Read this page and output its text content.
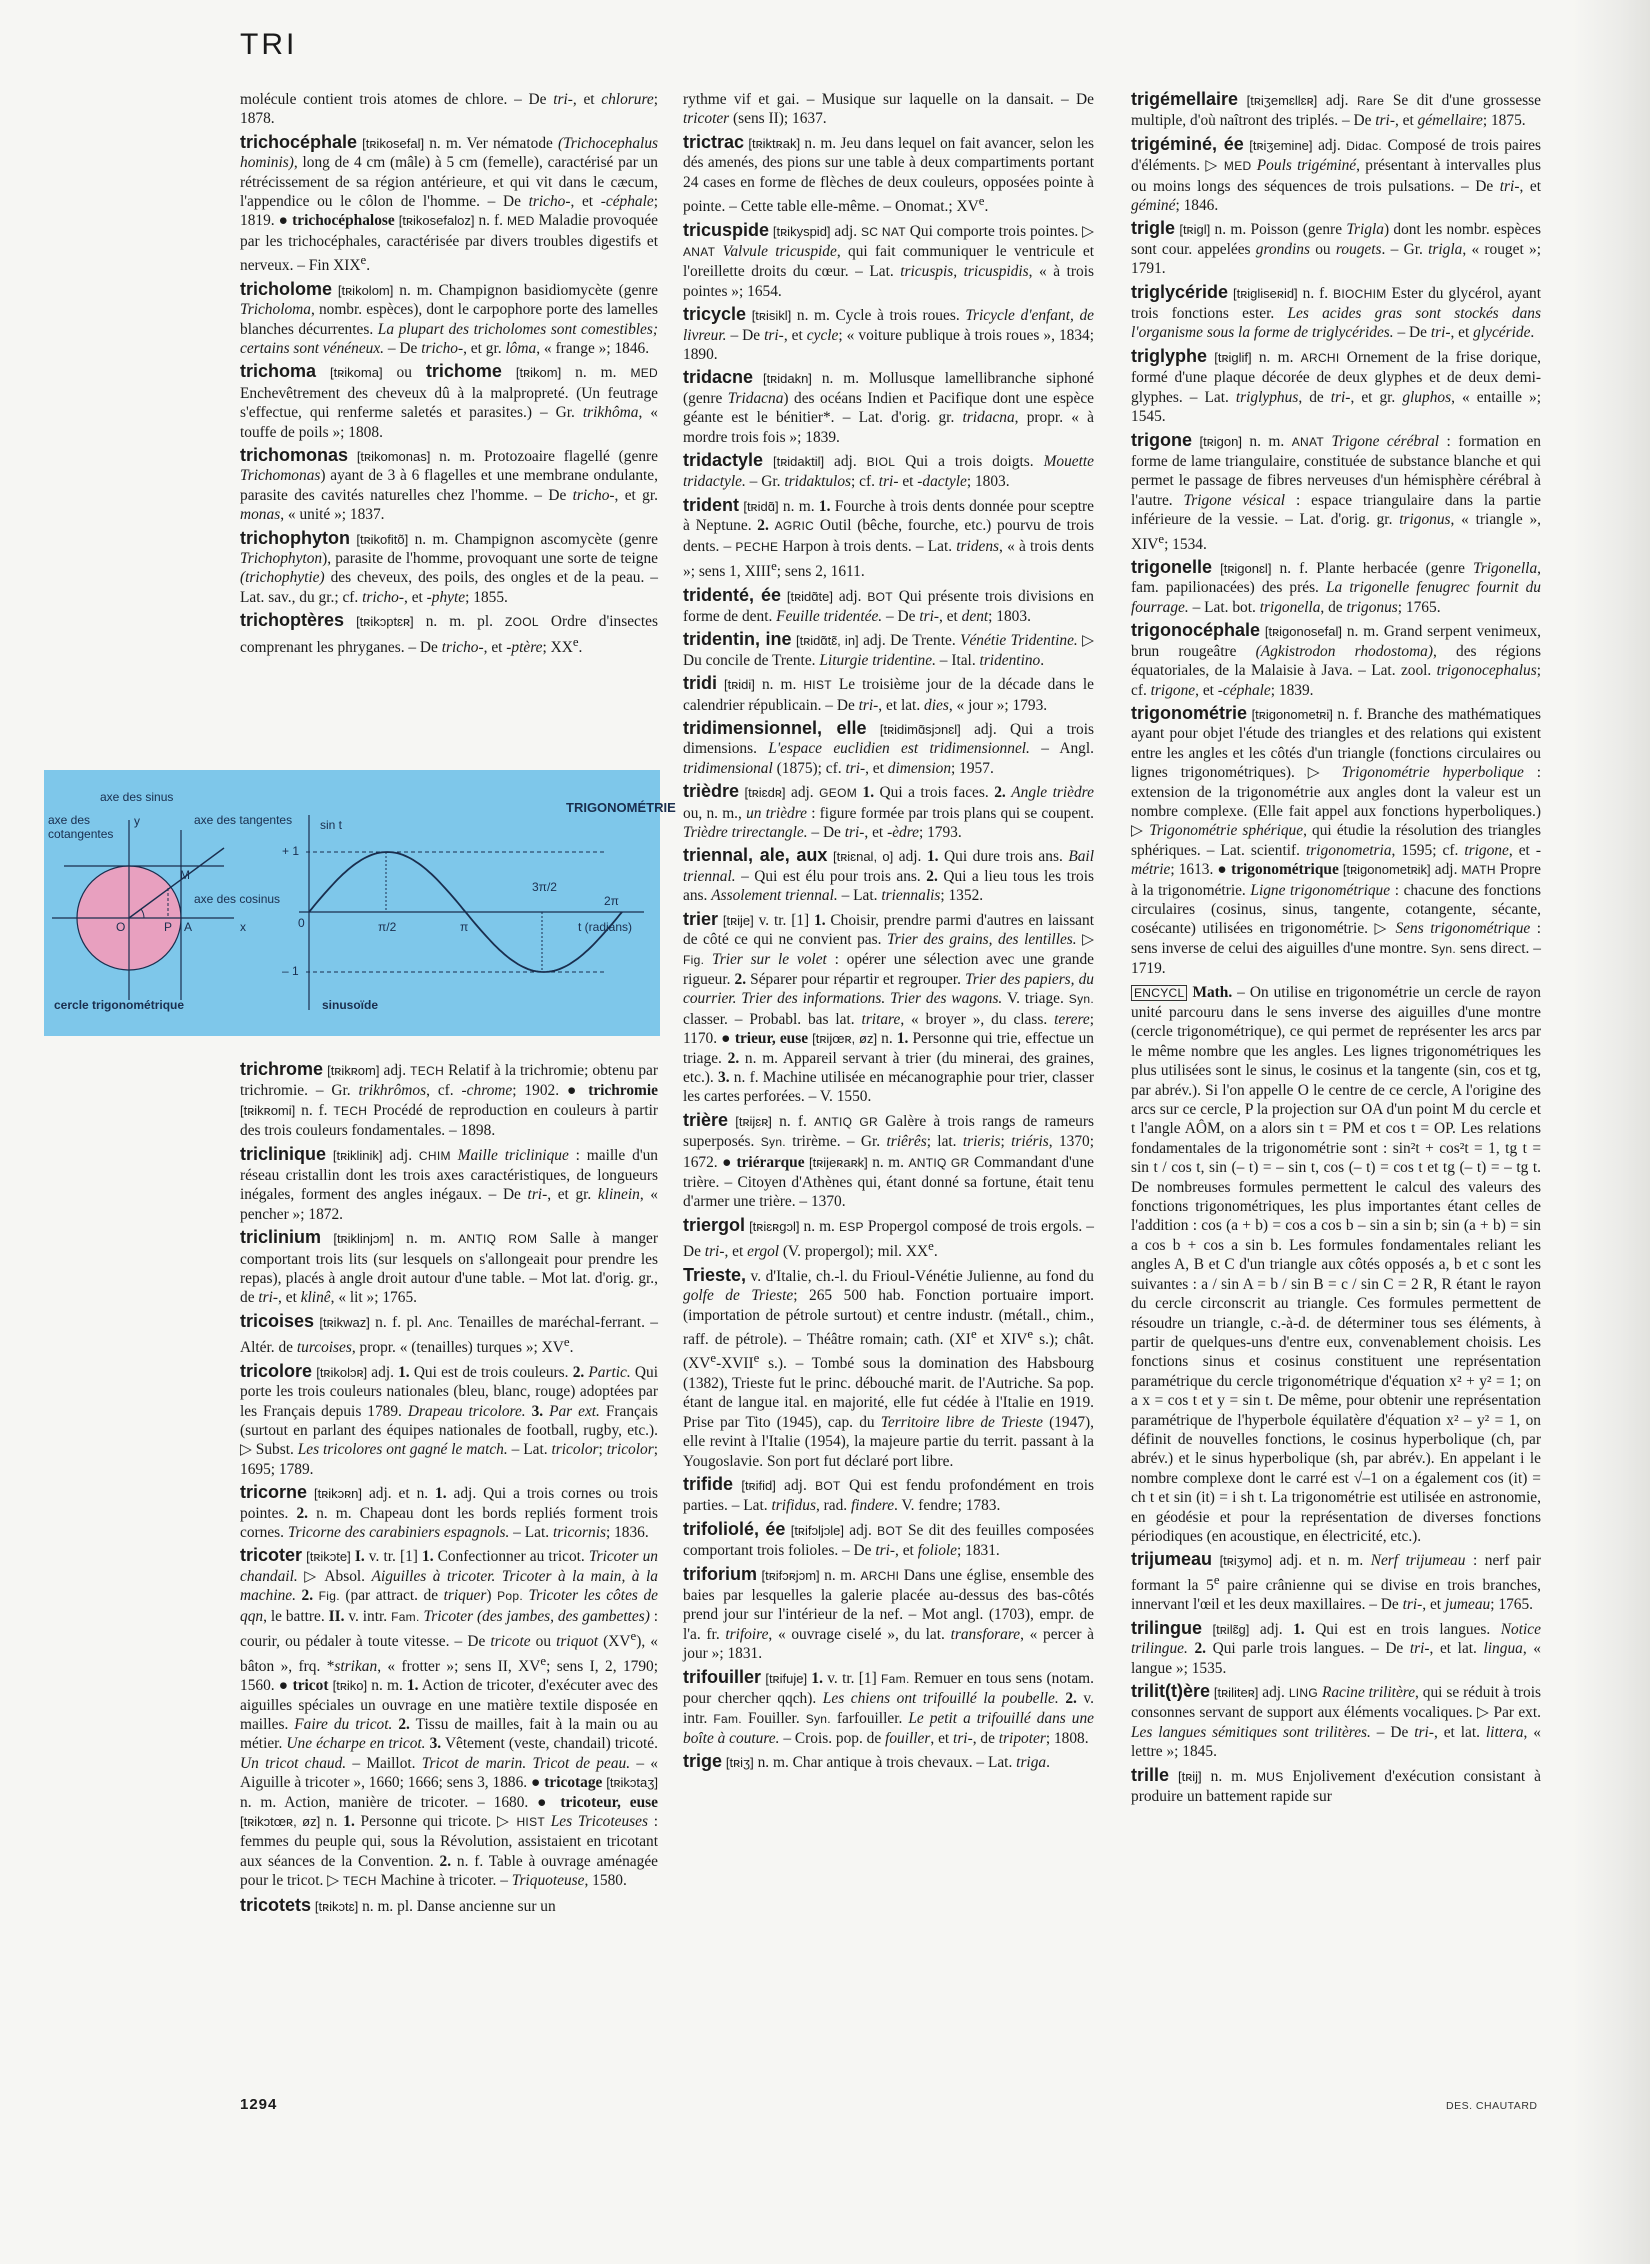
TRI

molécule contient trois atomes de chlore. – De tri-, et chlorure; 1878.

trichocéphale [tʀikosefal] n. m. Ver nématode (Trichocephalus hominis), long de 4 cm (mâle) à 5 cm (femelle), caractérisé par un rétrécissement de sa région antérieure, et qui vit dans le cæcum, l'appendice ou le côlon de l'homme. – De tricho-, et -céphale; 1819. ● trichocéphalose [tʀikosefaloz] n. f. MED Maladie provoquée par les trichocéphales, caractérisée par divers troubles digestifs et nerveux. – Fin XIXe.

tricholome [tʀikolom] n. m. Champignon basidiomycète (genre Tricholoma, nombr. espèces), dont le carpophore porte des lamelles blanches décurrentes. La plupart des tricholomes sont comestibles; certains sont vénéneux. – De tricho-, et gr. lôma, « frange »; 1846.

trichoma [tʀikoma] ou trichome [tʀikom] n. m. MED Enchevêtrement des cheveux dû à la malpropreté. (Un feutrage s'effectue, qui renferme saletés et parasites.) – Gr. trikhôma, « touffe de poils »; 1808.

trichomonas [tʀikomonas] n. m. Protozoaire flagellé (genre Trichomonas) ayant de 3 à 6 flagelles et une membrane ondulante, parasite des cavités naturelles chez l'homme. – De tricho-, et gr. monas, « unité »; 1837.

trichophyton [tʀikofitõ] n. m. Champignon ascomycète (genre Trichophyton), parasite de l'homme, provoquant une sorte de teigne (trichophytie) des cheveux, des poils, des ongles et de la peau. – Lat. sav., du gr.; cf. tricho-, et -phyte; 1855.

trichoptères [tʀikɔptɛʀ] n. m. pl. ZOOL Ordre d'insectes comprenant les phryganes. – De tricho-, et -ptère; XXe.

TRIGONOMÉTRIE
axe des sinus
axe des cotangentes
axe des tangentes
axe des cosinus
cercle trigonométrique	sinusoïde
sin t
t (radians)
y
x
M
O	P A	0
+ 1
– 1
π/2	π
3π/2
2π

trichrome [tʀikʀom] adj. TECH Relatif à la trichromie; obtenu par trichromie. – Gr. trikhrômos, cf. -chrome; 1902. ● trichromie [tʀikʀomi] n. f. TECH Procédé de reproduction en couleurs à partir des trois couleurs fondamentales. – 1898.

triclinique [tʀiklinik] adj. CHIM Maille triclinique : maille d'un réseau cristallin dont les trois axes caractéristiques, de longueurs inégales, forment des angles inégaux. – De tri-, et gr. klinein, « pencher »; 1872.

triclinium [tʀiklinjɔm] n. m. ANTIQ ROM Salle à manger comportant trois lits (sur lesquels on s'allongeait pour prendre les repas), placés à angle droit autour d'une table. – Mot lat. d'orig. gr., de tri-, et klinê, « lit »; 1765.

tricoises [tʀikwaz] n. f. pl. Anc. Tenailles de maréchal-ferrant. – Altér. de turcoises, propr. « (tenailles) turques »; XVe.

tricolore [tʀikolɔʀ] adj. 1. Qui est de trois couleurs. 2. Partic. Qui porte les trois couleurs nationales (bleu, blanc, rouge) adoptées par les Français depuis 1789. Drapeau tricolore. 3. Par ext. Français (surtout en parlant des équipes nationales de football, rugby, etc.). ▷ Subst. Les tricolores ont gagné le match. – Lat. tricolor; tricolor; 1695; 1789.

tricorne [tʀikɔʀn] adj. et n. 1. adj. Qui a trois cornes ou trois pointes. 2. n. m. Chapeau dont les bords repliés forment trois cornes. Tricorne des carabiniers espagnols. – Lat. tricornis; 1836.

tricoter [tʀikɔte] I. v. tr. [1] 1. Confectionner au tricot. Tricoter un chandail. ▷ Absol. Aiguilles à tricoter. Tricoter à la main, à la machine. 2. Fig. (par attract. de triquer) Pop. Tricoter les côtes de qqn, le battre. II. v. intr. Fam. Tricoter (des jambes, des gambettes) : courir, ou pédaler à toute vitesse. – De tricote ou triquot (XVe), « bâton », frq. *strikan, « frotter »; sens II, XVe; sens I, 2, 1790; 1560. ● tricot [tʀiko] n. m. 1. Action de tricoter, d'exécuter avec des aiguilles spéciales un ouvrage en une matière textile disposée en mailles. Faire du tricot. 2. Tissu de mailles, fait à la main ou au métier. Une écharpe en tricot. 3. Vêtement (veste, chandail) tricoté. Un tricot chaud. – Maillot. Tricot de marin. Tricot de peau. – « Aiguille à tricoter », 1660; 1666; sens 3, 1886. ● tricotage [tʀikɔtaʒ] n. m. Action, manière de tricoter. – 1680. ● tricoteur, euse [tʀikɔtœʀ, øz] n. 1. Personne qui tricote. ▷ HIST Les Tricoteuses : femmes du peuple qui, sous la Révolution, assistaient en tricotant aux séances de la Convention. 2. n. f. Table à ouvrage aménagée pour le tricot. ▷ TECH Machine à tricoter. – Triquoteuse, 1580.

tricotets [tʀikɔtɛ] n. m. pl. Danse ancienne sur un

rythme vif et gai. – Musique sur laquelle on la dansait. – De tricoter (sens II); 1637.

trictrac [tʀiktʀak] n. m. Jeu dans lequel on fait avancer, selon les dés amenés, des pions sur une table à deux compartiments portant 24 cases en forme de flèches de deux couleurs, opposées pointe à pointe. – Cette table elle-même. – Onomat.; XVe.

tricuspide [tʀikyspid] adj. SC NAT Qui comporte trois pointes. ▷ ANAT Valvule tricuspide, qui fait communiquer le ventricule et l'oreillette droits du cœur. – Lat. tricuspis, tricuspidis, « à trois pointes »; 1654.

tricycle [tʀisikl] n. m. Cycle à trois roues. Tricycle d'enfant, de livreur. – De tri-, et cycle; « voiture publique à trois roues », 1834; 1890.

tridacne [tʀidakn] n. m. Mollusque lamellibranche siphoné (genre Tridacna) des océans Indien et Pacifique dont une espèce géante est le bénitier*. – Lat. d'orig. gr. tridacna, propr. « à mordre trois fois »; 1839.

tridactyle [tʀidaktil] adj. BIOL Qui a trois doigts. Mouette tridactyle. – Gr. tridaktulos; cf. tri- et -dactyle; 1803.

trident [tʀidɑ̃] n. m. 1. Fourche à trois dents donnée pour sceptre à Neptune. 2. AGRIC Outil (bêche, fourche, etc.) pourvu de trois dents. – PECHE Harpon à trois dents. – Lat. tridens, « à trois dents »; sens 1, XIIIe; sens 2, 1611.

tridenté, ée [tʀidɑ̃te] adj. BOT Qui présente trois divisions en forme de dent. Feuille tridentée. – De tri-, et dent; 1803.

tridentin, ine [tʀidɑ̃tɛ̃, in] adj. De Trente. Vénétie Tridentine. ▷ Du concile de Trente. Liturgie tridentine. – Ital. tridentino.

tridi [tʀidi] n. m. HIST Le troisième jour de la décade dans le calendrier républicain. – De tri-, et lat. dies, « jour »; 1793.

tridimensionnel, elle [tʀidimɑ̃sjɔnɛl] adj. Qui a trois dimensions. L'espace euclidien est tridimensionnel. – Angl. tridimensional (1875); cf. tri-, et dimension; 1957.

trièdre [tʀiɛdʀ] adj. GEOM 1. Qui a trois faces. 2. Angle trièdre ou, n. m., un trièdre : figure formée par trois plans qui se coupent. Trièdre trirectangle. – De tri-, et -èdre; 1793.

triennal, ale, aux [tʀiɛnal, o] adj. 1. Qui dure trois ans. Bail triennal. – Qui est élu pour trois ans. 2. Qui a lieu tous les trois ans. Assolement triennal. – Lat. triennalis; 1352.

trier [tʀije] v. tr. [1] 1. Choisir, prendre parmi d'autres en laissant de côté ce qui ne convient pas. Trier des grains, des lentilles. ▷ Fig. Trier sur le volet : opérer une sélection avec une grande rigueur. 2. Séparer pour répartir et regrouper. Trier des papiers, du courrier. Trier des informations. Trier des wagons. V. triage. Syn. classer. – Probabl. bas lat. tritare, « broyer », du class. terere; 1170. ● trieur, euse [tʀijœʀ, øz] n. 1. Personne qui trie, effectue un triage. 2. n. m. Appareil servant à trier (du minerai, des graines, etc.). 3. n. f. Machine utilisée en mécanographie pour trier, classer les cartes perforées. – V. 1550.

trière [tʀijɛʀ] n. f. ANTIQ GR Galère à trois rangs de rameurs superposés. Syn. trirème. – Gr. triêrês; lat. trieris; triéris, 1370; 1672. ● triérarque [tʀijeʀaʀk] n. m. ANTIQ GR Commandant d'une trière. – Citoyen d'Athènes qui, étant donné sa fortune, était tenu d'armer une trière. – 1370.

triergol [tʀiɛʀgɔl] n. m. ESP Propergol composé de trois ergols. – De tri-, et ergol (V. propergol); mil. XXe.

Trieste, v. d'Italie, ch.-l. du Frioul-Vénétie Julienne, au fond du golfe de Trieste; 265 500 hab. Fonction portuaire import. (importation de pétrole surtout) et centre industr. (métall., chim., raff. de pétrole). – Théâtre romain; cath. (XIe et XIVe s.); chât. (XVe-XVIIe s.). – Tombé sous la domination des Habsbourg (1382), Trieste fut le princ. débouché marit. de l'Autriche. Sa pop. étant de langue ital. en majorité, elle fut cédée à l'Italie en 1919. Prise par Tito (1945), cap. du Territoire libre de Trieste (1947), elle revint à l'Italie (1954), la majeure partie du territ. passant à la Yougoslavie. Son port fut déclaré port libre.

trifide [tʀifid] adj. BOT Qui est fendu profondément en trois parties. – Lat. trifidus, rad. findere. V. fendre; 1783.

trifoliolé, ée [tʀifɔljɔle] adj. BOT Se dit des feuilles composées comportant trois folioles. – De tri-, et foliole; 1831.

triforium [tʀifɔʀjɔm] n. m. ARCHI Dans une église, ensemble des baies par lesquelles la galerie placée au-dessus des bas-côtés prend jour sur l'intérieur de la nef. – Mot angl. (1703), empr. de l'a. fr. trifoire, « ouvrage ciselé », du lat. transforare, « percer à jour »; 1831.

trifouiller [tʀifuje] 1. v. tr. [1] Fam. Remuer en tous sens (notam. pour chercher qqch). Les chiens ont trifouillé la poubelle. 2. v. intr. Fam. Fouiller. Syn. farfouiller. Le petit a trifouillé dans une boîte à couture. – Crois. pop. de fouiller, et tri-, de tripoter; 1808.

trige [tʀiʒ] n. m. Char antique à trois chevaux. – Lat. triga.

trigémellaire [tʀiʒemɛllɛʀ] adj. Rare Se dit d'une grossesse multiple, d'où naîtront des triplés. – De tri-, et gémellaire; 1875.

trigéminé, ée [tʀiʒemine] adj. Didac. Composé de trois paires d'éléments. ▷ MED Pouls trigéminé, présentant à intervalles plus ou moins longs des séquences de trois pulsations. – De tri-, et géminé; 1846.

trigle [tʀigl] n. m. Poisson (genre Trigla) dont les nombr. espèces sont cour. appelées grondins ou rougets. – Gr. trigla, « rouget »; 1791.

triglycéride [tʀigliseʀid] n. f. BIOCHIM Ester du glycérol, ayant trois fonctions ester. Les acides gras sont stockés dans l'organisme sous la forme de triglycérides. – De tri-, et glycéride.

triglyphe [tʀiglif] n. m. ARCHI Ornement de la frise dorique, formé d'une plaque décorée de deux glyphes et de deux demi-glyphes. – Lat. triglyphus, de tri-, et gr. gluphos, « entaille »; 1545.

trigone [tʀigon] n. m. ANAT Trigone cérébral : formation en forme de lame triangulaire, constituée de substance blanche et qui permet le passage de fibres nerveuses d'un hémisphère cérébral à l'autre. Trigone vésical : espace triangulaire dans la partie inférieure de la vessie. – Lat. d'orig. gr. trigonus, « triangle », XIVe; 1534.

trigonelle [tʀigonɛl] n. f. Plante herbacée (genre Trigonella, fam. papilionacées) des prés. La trigonelle fenugrec fournit du fourrage. – Lat. bot. trigonella, de trigonus; 1765.

trigonocéphale [tʀigonosefal] n. m. Grand serpent venimeux, brun rougeâtre (Agkistrodon rhodostoma), des régions équatoriales, de la Malaisie à Java. – Lat. zool. trigonocephalus; cf. trigone, et -céphale; 1839.

trigonométrie [tʀigonometʀi] n. f. Branche des mathématiques ayant pour objet l'étude des triangles et des relations qui existent entre les angles et les côtés d'un triangle (fonctions circulaires ou lignes trigonométriques). ▷ Trigonométrie hyperbolique : extension de la trigonométrie aux angles dont la valeur est un nombre complexe. (Elle fait appel aux fonctions hyperboliques.) ▷ Trigonométrie sphérique, qui étudie la résolution des triangles sphériques. – Lat. scientif. trigonometria, 1595; cf. trigone, et -métrie; 1613. ● trigonométrique [tʀigonometʀik] adj. MATH Propre à la trigonométrie. Ligne trigonométrique : chacune des fonctions circulaires (cosinus, sinus, tangente, cotangente, sécante, cosécante) utilisées en trigonométrie. ▷ Sens trigonométrique : sens inverse de celui des aiguilles d'une montre. Syn. sens direct. – 1719.

ENCYCL Math. – On utilise en trigonométrie un cercle de rayon unité parcouru dans le sens inverse des aiguilles d'une montre (cercle trigonométrique), ce qui permet de représenter les arcs par le même nombre que les angles. Les lignes trigonométriques les plus utilisées sont le sinus, le cosinus et la tangente (sin, cos et tg, par abrév.). Si l'on appelle O le centre de ce cercle, A l'origine des arcs sur ce cercle, P la projection sur OA d'un point M du cercle et t l'angle AÔM, on a alors sin t = PM et cos t = OP. Les relations fondamentales de la trigonométrie sont : sin²t + cos²t = 1, tg t = sin t / cos t, sin (– t) = – sin t, cos (– t) = cos t et tg (– t) = – tg t. De nombreuses formules permettent le calcul des valeurs des fonctions trigonométriques, les plus importantes étant celles de l'addition : cos (a + b) = cos a cos b – sin a sin b; sin (a + b) = sin a cos b + cos a sin b. Les formules fondamentales reliant les angles A, B et C d'un triangle aux côtés opposés a, b et c sont les suivantes : a / sin A = b / sin B = c / sin C = 2 R, R étant le rayon du cercle circonscrit au triangle. Ces formules permettent de résoudre un triangle, c.-à-d. de déterminer tous ses éléments, à partir de quelques-uns d'entre eux, convenablement choisis. Les fonctions sinus et cosinus constituent une représentation paramétrique du cercle trigonométrique d'équation x² + y² = 1; on a x = cos t et y = sin t. De même, pour obtenir une représentation paramétrique de l'hyperbole équilatère d'équation x² – y² = 1, on définit de nouvelles fonctions, le cosinus hyperbolique (ch, par abrév.) et le sinus hyperbolique (sh, par abrév.). En appelant i le nombre complexe dont le carré est √–1 on a également cos (it) = ch t et sin (it) = i sh t. La trigonométrie est utilisée en astronomie, en géodésie et pour la représentation de diverses fonctions périodiques (en acoustique, en électricité, etc.).

trijumeau [tʀiʒymo] adj. et n. m. Nerf trijumeau : nerf pair formant la 5e paire crânienne qui se divise en trois branches, innervant l'œil et les deux maxillaires. – De tri-, et jumeau; 1765.

trilingue [tʀilɛ̃g] adj. 1. Qui est en trois langues. Notice trilingue. 2. Qui parle trois langues. – De tri-, et lat. lingua, « langue »; 1535.

trilit(t)ère [tʀiliteʀ] adj. LING Racine trilitère, qui se réduit à trois consonnes servant de support aux éléments vocaliques. ▷ Par ext. Les langues sémitiques sont trilitères. – De tri-, et lat. littera, « lettre »; 1845.

trille [tʀij] n. m. MUS Enjolivement d'exécution consistant à produire un battement rapide sur

1294	DES. CHAUTARD
